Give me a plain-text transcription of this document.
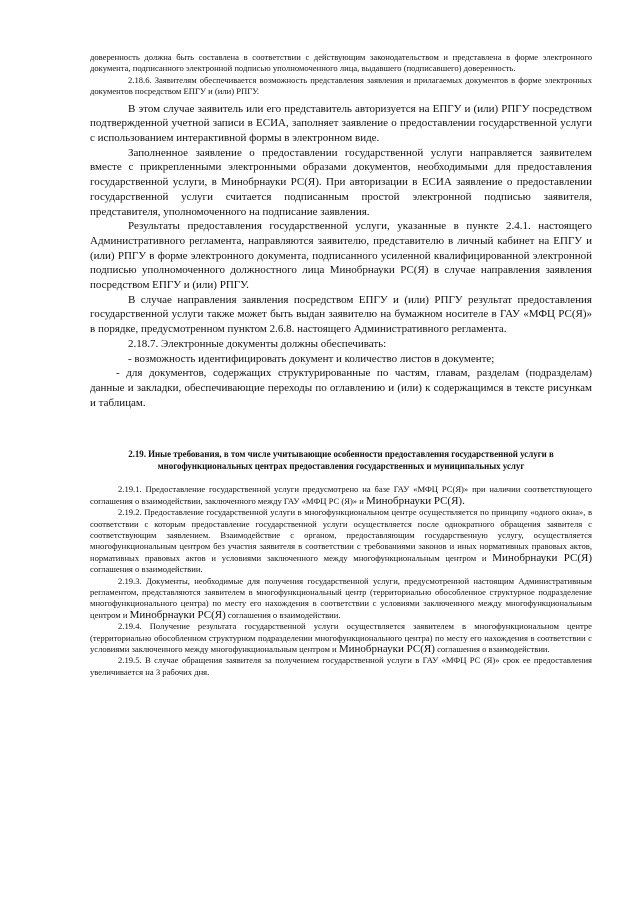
доверенность должна быть составлена в соответствии с действующим законодательством и представлена в форме электронного документа, подписанного электронной подписью уполномоченного лица, выдавшего (подписавшего) доверенность.

2.18.6. Заявителям обеспечивается возможность представления заявления и прилагаемых документов в форме электронных документов посредством ЕПГУ и (или) РПГУ.

В этом случае заявитель или его представитель авторизуется на ЕПГУ и (или) РПГУ посредством подтвержденной учетной записи в ЕСИА, заполняет заявление о предоставлении государственной услуги с использованием интерактивной формы в электронном виде.

Заполненное заявление о предоставлении государственной услуги направляется заявителем вместе с прикрепленными электронными образами документов, необходимыми для предоставления государственной услуги, в Минобрнауки РС(Я). При авторизации в ЕСИА заявление о предоставлении государственной услуги считается подписанным простой электронной подписью заявителя, представителя, уполномоченного на подписание заявления.

Результаты предоставления государственной услуги, указанные в пункте 2.4.1. настоящего Административного регламента, направляются заявителю, представителю в личный кабинет на ЕПГУ и (или) РПГУ в форме электронного документа, подписанного усиленной квалифицированной электронной подписью уполномоченного должностного лица Минобрнауки РС(Я) в случае направления заявления посредством ЕПГУ и (или) РПГУ.

В случае направления заявления посредством ЕПГУ и (или) РПГУ результат предоставления государственной услуги также может быть выдан заявителю на бумажном носителе в ГАУ «МФЦ РС(Я)» в порядке, предусмотренном пунктом 2.6.8. настоящего Административного регламента.

2.18.7. Электронные документы должны обеспечивать:

- возможность идентифицировать документ и количество листов в документе;

- для документов, содержащих структурированные по частям, главам, разделам (подразделам) данные и закладки, обеспечивающие переходы по оглавлению и (или) к содержащимся в тексте рисункам и таблицам.

2.19. Иные требования, в том числе учитывающие особенности предоставления государственной услуги в многофункциональных центрах предоставления государственных и муниципальных услуг

2.19.1. Предоставление государственной услуги предусмотрено на базе ГАУ «МФЦ РС(Я)» при наличии соответствующего соглашения о взаимодействии, заключенного между ГАУ «МФЦ РС (Я)» и Минобрнауки РС(Я).

2.19.2. Предоставление государственной услуги в многофункциональном центре осуществляется по принципу «одного окна», в соответствии с которым предоставление государственной услуги осуществляется после однократного обращения заявителя с соответствующим заявлением. Взаимодействие с органом, предоставляющим государственную услугу, осуществляется многофункциональным центром без участия заявителя в соответствии с требованиями законов и иных нормативных правовых актов, нормативных правовых актов и условиями заключенного между многофункциональным центром и Минобрнауки РС(Я) соглашения о взаимодействии.

2.19.3. Документы, необходимые для получения государственной услуги, предусмотренной настоящим Административным регламентом, представляются заявителем в многофункциональный центр (территориально обособленное структурное подразделение многофункционального центра) по месту его нахождения в соответствии с условиями заключенного между многофункциональным центром и Минобрнауки РС(Я) соглашения о взаимодействии.

2.19.4. Получение результата государственной услуги осуществляется заявителем в многофункциональном центре (территориально обособленном структурном подразделении многофункционального центра) по месту его нахождения в соответствии с условиями заключенного между многофункциональным центром и Минобрнауки РС(Я) соглашения о взаимодействии.

2.19.5. В случае обращения заявителя за получением государственной услуги в ГАУ «МФЦ РС (Я)» срок ее предоставления увеличивается на 3 рабочих дня.
